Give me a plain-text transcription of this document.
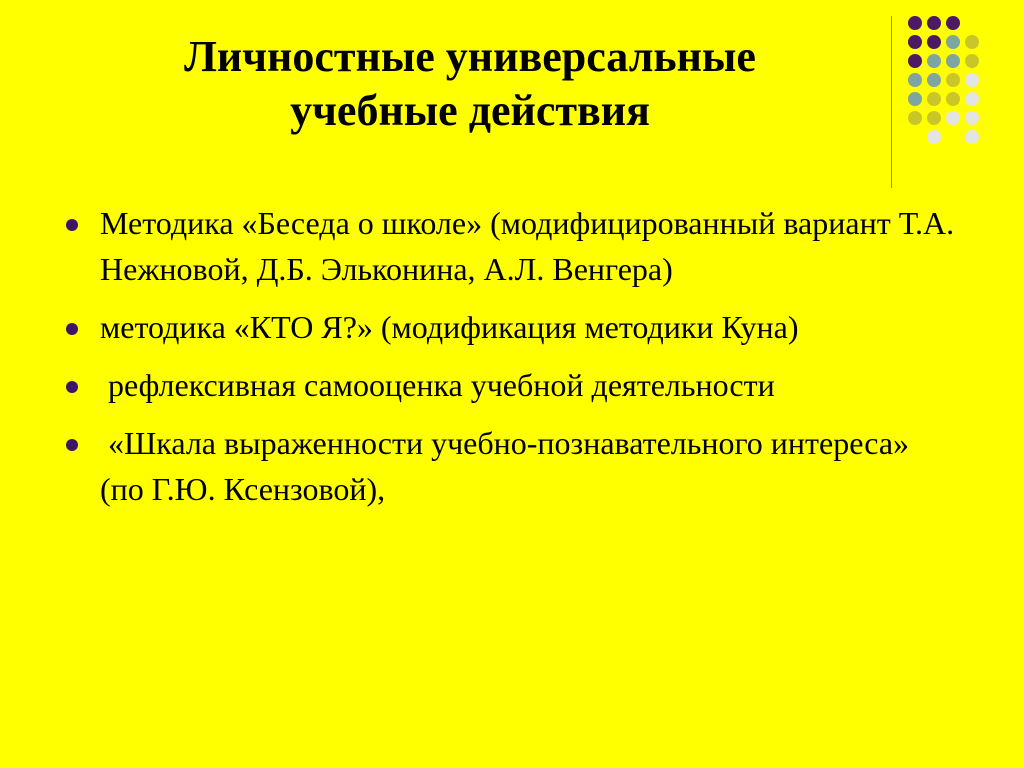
Личностные универсальные
учебные действия
Методика «Беседа о школе» (модифицированный вариант Т.А. Нежновой, Д.Б. Эльконина, А.Л. Венгера)
методика «КТО Я?» (модификация методики Куна)
рефлексивная самооценка учебной деятельности
«Шкала выраженности учебно-познавательного интереса» (по Г.Ю. Ксензовой),
